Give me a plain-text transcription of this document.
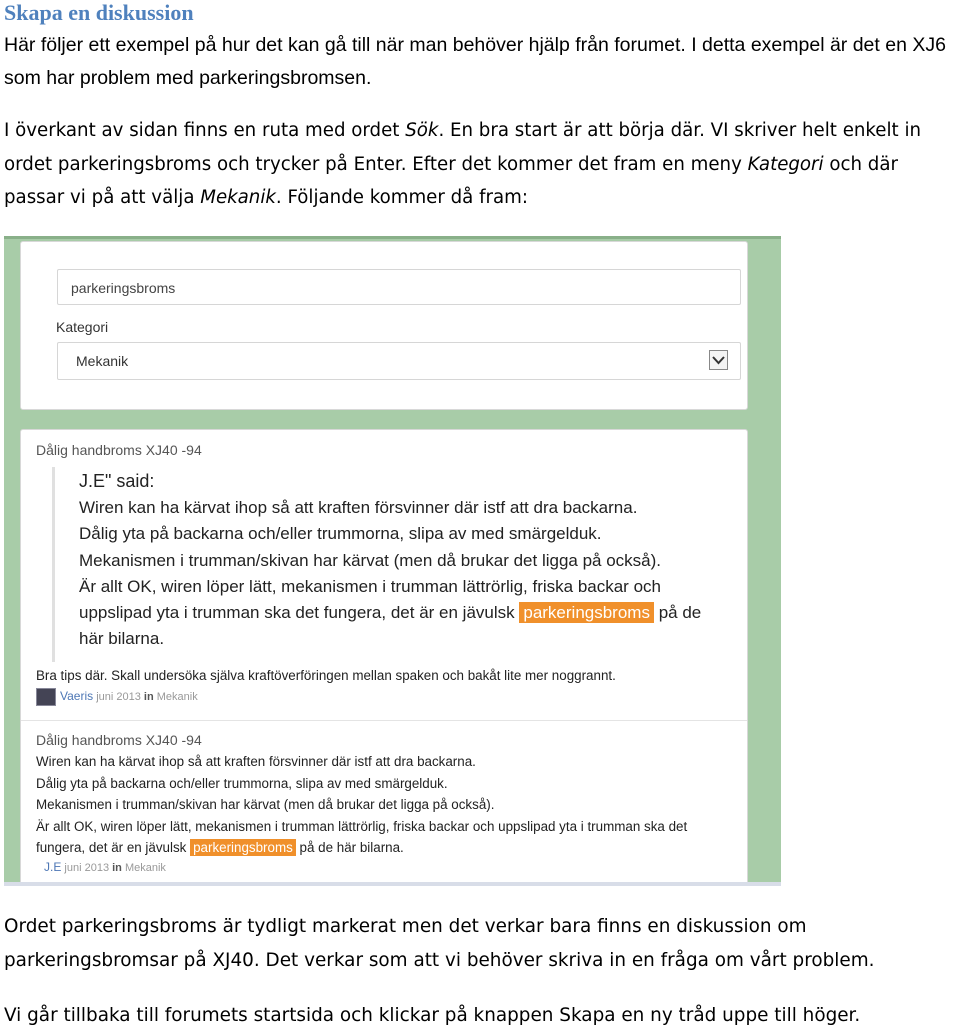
Skapa en diskussion
Här följer ett exempel på hur det kan gå till när man behöver hjälp från forumet. I detta exempel är det en XJ6 som har problem med parkeringsbromsen.
I överkant av sidan finns en ruta med ordet Sök. En bra start är att börja där. VI skriver helt enkelt in ordet parkeringsbroms och trycker på Enter. Efter det kommer det fram en meny Kategori och där passar vi på att välja Mekanik. Följande kommer då fram:
parkeringsbroms
Kategori
Mekanik
Dålig handbroms XJ40 -94
J.E" said:
Wiren kan ha kärvat ihop så att kraften försvinner där istf att dra backarna.
Dålig yta på backarna och/eller trummorna, slipa av med smärgelduk.
Mekanismen i trumman/skivan har kärvat (men då brukar det ligga på också).
Är allt OK, wiren löper lätt, mekanismen i trumman lättrörlig, friska backar och
uppslipad yta i trumman ska det fungera, det är en jävulsk parkeringsbroms på de
här bilarna.
Bra tips där. Skall undersöka själva kraftöverföringen mellan spaken och bakåt lite mer noggrannt.
Vaeris juni 2013 in Mekanik
Dålig handbroms XJ40 -94
Wiren kan ha kärvat ihop så att kraften försvinner där istf att dra backarna.
Dålig yta på backarna och/eller trummorna, slipa av med smärgelduk.
Mekanismen i trumman/skivan har kärvat (men då brukar det ligga på också).
Är allt OK, wiren löper lätt, mekanismen i trumman lättrörlig, friska backar och uppslipad yta i trumman ska det
fungera, det är en jävulsk parkeringsbroms på de här bilarna.
J.E juni 2013 in Mekanik
Ordet parkeringsbroms är tydligt markerat men det verkar bara finns en diskussion om parkeringsbromsar på XJ40. Det verkar som att vi behöver skriva in en fråga om vårt problem.
Vi går tillbaka till forumets startsida och klickar på knappen Skapa en ny tråd uppe till höger.
